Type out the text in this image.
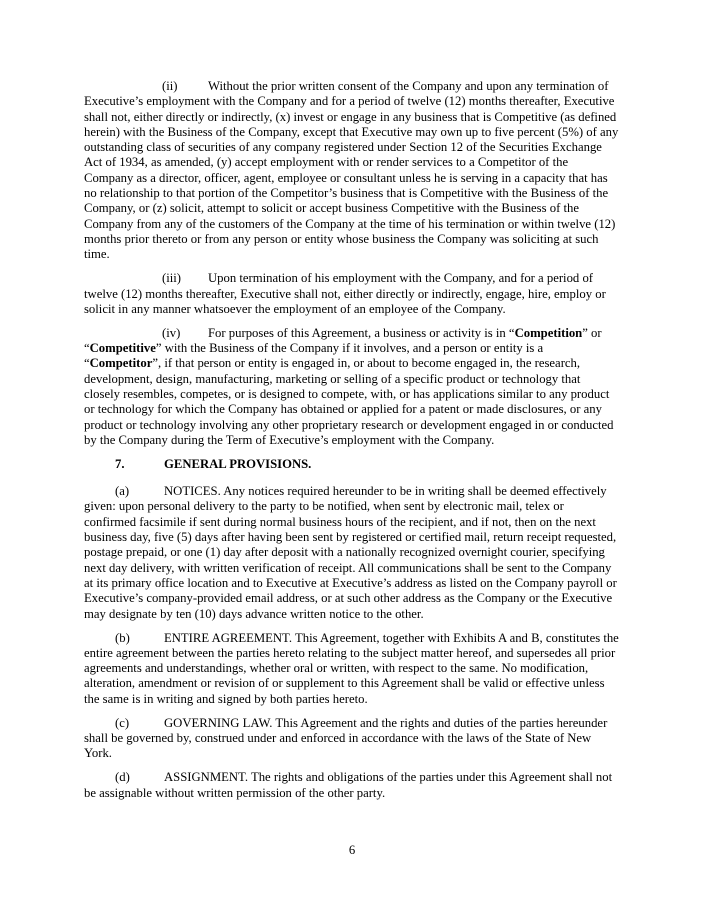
(ii) Without the prior written consent of the Company and upon any termination of Executive’s employment with the Company and for a period of twelve (12) months thereafter, Executive shall not, either directly or indirectly, (x) invest or engage in any business that is Competitive (as defined herein) with the Business of the Company, except that Executive may own up to five percent (5%) of any outstanding class of securities of any company registered under Section 12 of the Securities Exchange Act of 1934, as amended, (y) accept employment with or render services to a Competitor of the Company as a director, officer, agent, employee or consultant unless he is serving in a capacity that has no relationship to that portion of the Competitor’s business that is Competitive with the Business of the Company, or (z) solicit, attempt to solicit or accept business Competitive with the Business of the Company from any of the customers of the Company at the time of his termination or within twelve (12) months prior thereto or from any person or entity whose business the Company was soliciting at such time.

(iii) Upon termination of his employment with the Company, and for a period of twelve (12) months thereafter, Executive shall not, either directly or indirectly, engage, hire, employ or solicit in any manner whatsoever the employment of an employee of the Company.

(iv) For purposes of this Agreement, a business or activity is in “Competition” or “Competitive” with the Business of the Company if it involves, and a person or entity is a “Competitor”, if that person or entity is engaged in, or about to become engaged in, the research, development, design, manufacturing, marketing or selling of a specific product or technology that closely resembles, competes, or is designed to compete, with, or has applications similar to any product or technology for which the Company has obtained or applied for a patent or made disclosures, or any product or technology involving any other proprietary research or development engaged in or conducted by the Company during the Term of Executive’s employment with the Company.

7.	GENERAL PROVISIONS.

(a)	NOTICES. Any notices required hereunder to be in writing shall be deemed effectively given: upon personal delivery to the party to be notified, when sent by electronic mail, telex or confirmed facsimile if sent during normal business hours of the recipient, and if not, then on the next business day, five (5) days after having been sent by registered or certified mail, return receipt requested, postage prepaid, or one (1) day after deposit with a nationally recognized overnight courier, specifying next day delivery, with written verification of receipt. All communications shall be sent to the Company at its primary office location and to Executive at Executive’s address as listed on the Company payroll or Executive’s company-provided email address, or at such other address as the Company or the Executive may designate by ten (10) days advance written notice to the other.

(b)	ENTIRE AGREEMENT. This Agreement, together with Exhibits A and B, constitutes the entire agreement between the parties hereto relating to the subject matter hereof, and supersedes all prior agreements and understandings, whether oral or written, with respect to the same. No modification, alteration, amendment or revision of or supplement to this Agreement shall be valid or effective unless the same is in writing and signed by both parties hereto.

(c)	GOVERNING LAW. This Agreement and the rights and duties of the parties hereunder shall be governed by, construed under and enforced in accordance with the laws of the State of New York.

(d)	ASSIGNMENT. The rights and obligations of the parties under this Agreement shall not be assignable without written permission of the other party.

6
